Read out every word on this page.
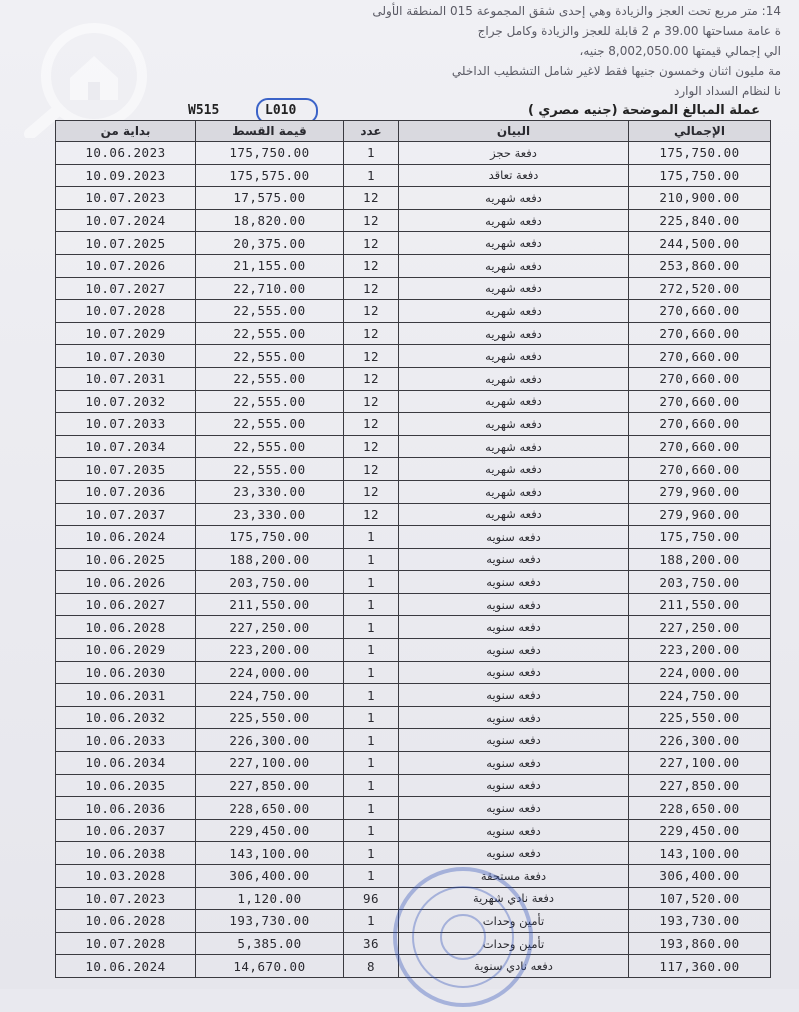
14: متر مربع تحت العجز والزيادة وهي إحدى شقق المجموعة 015 المنطقة الأولى
ة عامة مساحتها 39.00 م 2 قابلة للعجز والزيادة وكامل جراج
الي إجمالي قيمتها 8,002,050.00 جنيه،
مة مليون اثنان وخمسون جنيها فقط لاغير شامل التشطيب الداخلي
نا لنظام السداد الوارد
W515	L010	عملة المبالغ الموضحة (جنيه مصري )
بداية من	قيمة القسط	عدد	البيان	الإجمالي
10.06.2023	175,750.00	1	دفعة حجز	175,750.00
10.09.2023	175,575.00	1	دفعة تعاقد	175,750.00
10.07.2023	17,575.00	12	دفعه شهريه	210,900.00
10.07.2024	18,820.00	12	دفعه شهريه	225,840.00
10.07.2025	20,375.00	12	دفعه شهريه	244,500.00
10.07.2026	21,155.00	12	دفعه شهريه	253,860.00
10.07.2027	22,710.00	12	دفعه شهريه	272,520.00
10.07.2028	22,555.00	12	دفعه شهريه	270,660.00
10.07.2029	22,555.00	12	دفعه شهريه	270,660.00
10.07.2030	22,555.00	12	دفعه شهريه	270,660.00
10.07.2031	22,555.00	12	دفعه شهريه	270,660.00
10.07.2032	22,555.00	12	دفعه شهريه	270,660.00
10.07.2033	22,555.00	12	دفعه شهريه	270,660.00
10.07.2034	22,555.00	12	دفعه شهريه	270,660.00
10.07.2035	22,555.00	12	دفعه شهريه	270,660.00
10.07.2036	23,330.00	12	دفعه شهريه	279,960.00
10.07.2037	23,330.00	12	دفعه شهريه	279,960.00
10.06.2024	175,750.00	1	دفعه سنويه	175,750.00
10.06.2025	188,200.00	1	دفعه سنويه	188,200.00
10.06.2026	203,750.00	1	دفعه سنويه	203,750.00
10.06.2027	211,550.00	1	دفعه سنويه	211,550.00
10.06.2028	227,250.00	1	دفعه سنويه	227,250.00
10.06.2029	223,200.00	1	دفعه سنويه	223,200.00
10.06.2030	224,000.00	1	دفعه سنويه	224,000.00
10.06.2031	224,750.00	1	دفعه سنويه	224,750.00
10.06.2032	225,550.00	1	دفعه سنويه	225,550.00
10.06.2033	226,300.00	1	دفعه سنويه	226,300.00
10.06.2034	227,100.00	1	دفعه سنويه	227,100.00
10.06.2035	227,850.00	1	دفعه سنويه	227,850.00
10.06.2036	228,650.00	1	دفعه سنويه	228,650.00
10.06.2037	229,450.00	1	دفعه سنويه	229,450.00
10.06.2038	143,100.00	1	دفعه سنويه	143,100.00
10.03.2028	306,400.00	1	دفعة مستحقة	306,400.00
10.07.2023	1,120.00	96	دفعة نادي شهرية	107,520.00
10.06.2028	193,730.00	1	تأمين وحدات	193,730.00
10.07.2028	5,385.00	36	تأمين وحدات	193,860.00
10.06.2024	14,670.00	8	دفعه نادي سنوية	117,360.00
